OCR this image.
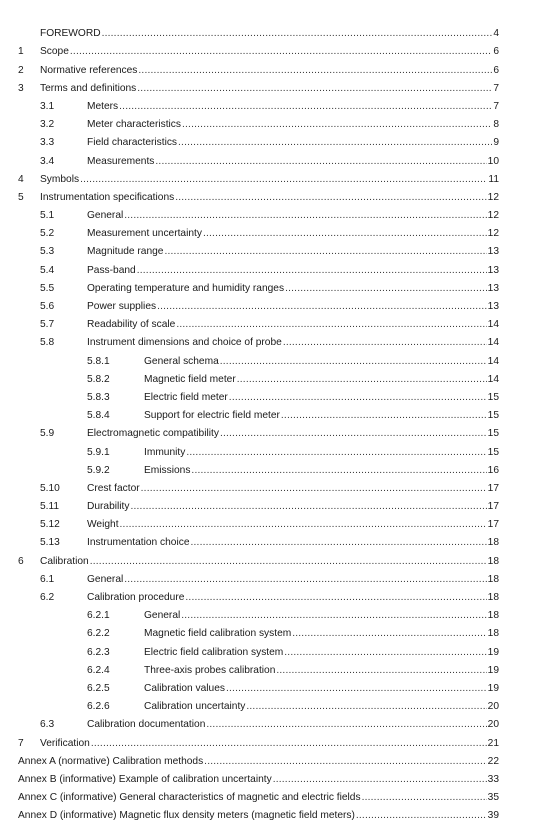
FOREWORD .....	4
1	Scope .....	6
2	Normative references .....	6
3	Terms and definitions .....	7
3.1	Meters .....	7
3.2	Meter characteristics .....	8
3.3	Field characteristics .....	9
3.4	Measurements .....	10
4	Symbols .....	11
5	Instrumentation specifications .....	12
5.1	General .....	12
5.2	Measurement uncertainty .....	12
5.3	Magnitude range .....	13
5.4	Pass-band .....	13
5.5	Operating temperature and humidity ranges .....	13
5.6	Power supplies .....	13
5.7	Readability of scale .....	14
5.8	Instrument dimensions and choice of probe .....	14
5.8.1	General schema .....	14
5.8.2	Magnetic field meter .....	14
5.8.3	Electric field meter .....	15
5.8.4	Support for electric field meter .....	15
5.9	Electromagnetic compatibility .....	15
5.9.1	Immunity .....	15
5.9.2	Emissions .....	16
5.10	Crest factor .....	17
5.11	Durability .....	17
5.12	Weight .....	17
5.13	Instrumentation choice .....	18
6	Calibration .....	18
6.1	General .....	18
6.2	Calibration procedure .....	18
6.2.1	General .....	18
6.2.2	Magnetic field calibration system .....	18
6.2.3	Electric field calibration system .....	19
6.2.4	Three-axis probes calibration .....	19
6.2.5	Calibration values .....	19
6.2.6	Calibration uncertainty .....	20
6.3	Calibration documentation .....	20
7	Verification .....	21
Annex A (normative) Calibration methods .....	22
Annex B (informative) Example of calibration uncertainty .....	33
Annex C (informative) General characteristics of magnetic and electric fields .....	35
Annex D (informative) Magnetic flux density meters (magnetic field meters) .....	39
